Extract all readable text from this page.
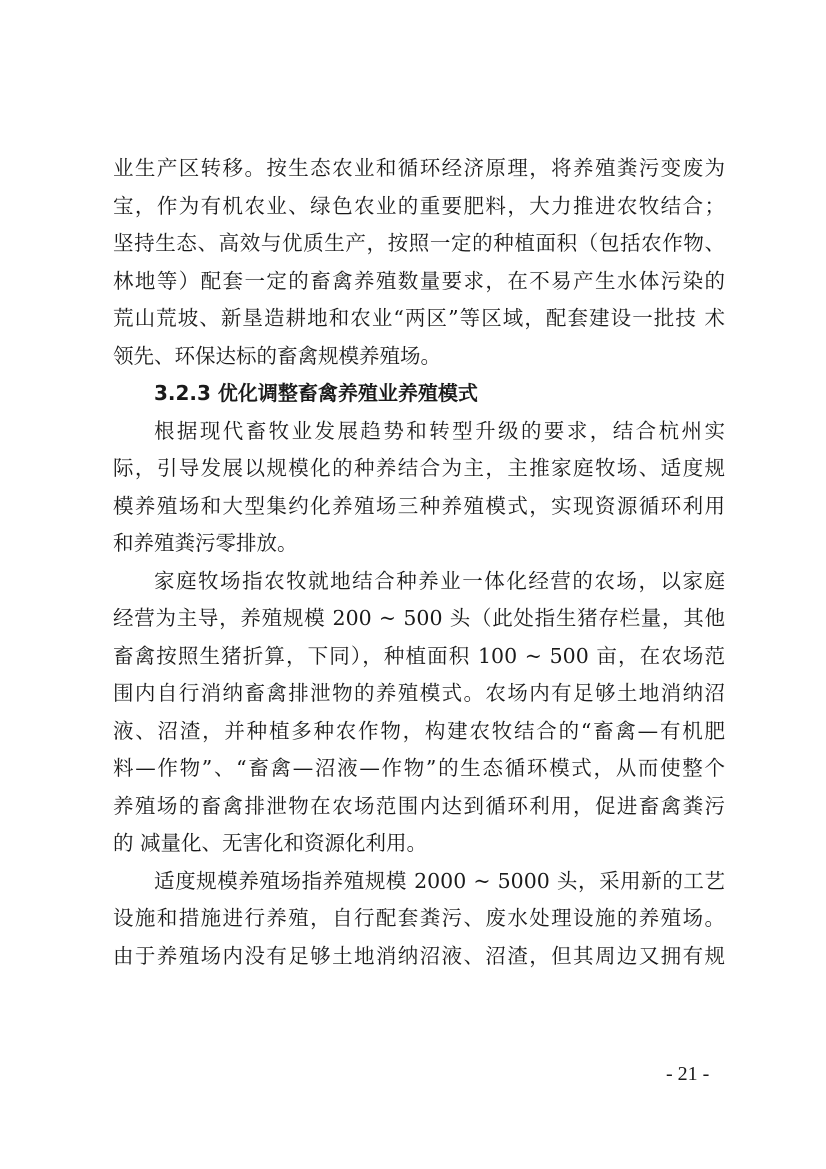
业生产区转移。按生态农业和循环经济原理，将养殖粪污变废为
宝，作为有机农业、绿色农业的重要肥料，大力推进农牧结合；
坚持生态、高效与优质生产，按照一定的种植面积（包括农作物、
林地等）配套一定的畜禽养殖数量要求，在不易产生水体污染的
荒山荒坡、新垦造耕地和农业“两区”等区域，配套建设一批技 术
领先、环保达标的畜禽规模养殖场。
3.2.3 优化调整畜禽养殖业养殖模式
根据现代畜牧业发展趋势和转型升级的要求，结合杭州实
际，引导发展以规模化的种养结合为主，主推家庭牧场、适度规
模养殖场和大型集约化养殖场三种养殖模式，实现资源循环利用
和养殖粪污零排放。
家庭牧场指农牧就地结合种养业一体化经营的农场，以家庭
经营为主导，养殖规模 200 ~ 500 头（此处指生猪存栏量，其他
畜禽按照生猪折算，下同），种植面积 100 ~ 500 亩，在农场范
围内自行消纳畜禽排泄物的养殖模式。农场内有足够土地消纳沼
液、沼渣，并种植多种农作物，构建农牧结合的“畜禽—有机肥
料—作物”、“畜禽—沼液—作物”的生态循环模式，从而使整个
养殖场的畜禽排泄物在农场范围内达到循环利用，促进畜禽粪污
的 减量化、无害化和资源化利用。
适度规模养殖场指养殖规模 2000 ~ 5000 头，采用新的工艺
设施和措施进行养殖，自行配套粪污、废水处理设施的养殖场。
由于养殖场内没有足够土地消纳沼液、沼渣，但其周边又拥有规
- 21 -
